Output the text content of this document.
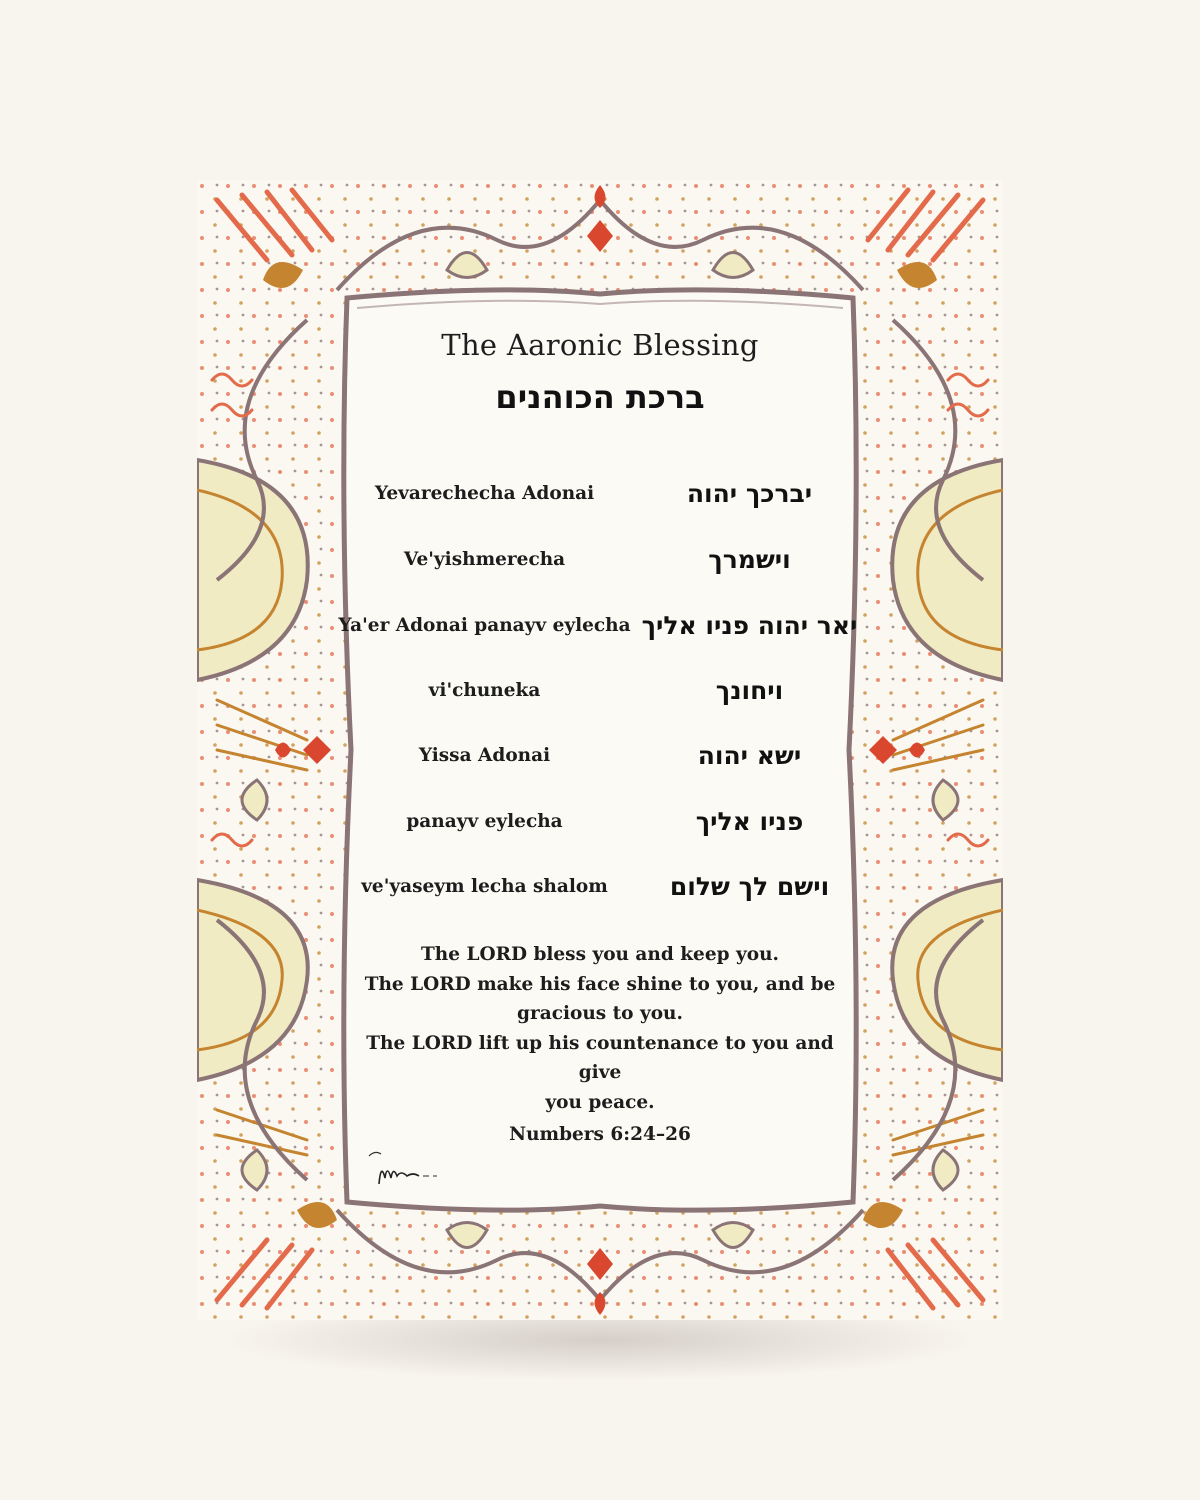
The Aaronic Blessing
ברכת הכוהנים
Yevarechecha Adonai	יברכך יהוה
Ve'yishmerecha	וישמרך
Ya'er Adonai panayv eylecha יאר יהוה פניו אליך
vi'chuneka	ויחונך
Yissa Adonai	ישא יהוה
panayv eylecha	פניו אליך
ve'yaseym lecha shalom	וישם לך שלום
The LORD bless you and keep you.
The LORD make his face shine to you, and be
gracious to you.
The LORD lift up his countenance to you and give
you peace.
Numbers 6:24–26
